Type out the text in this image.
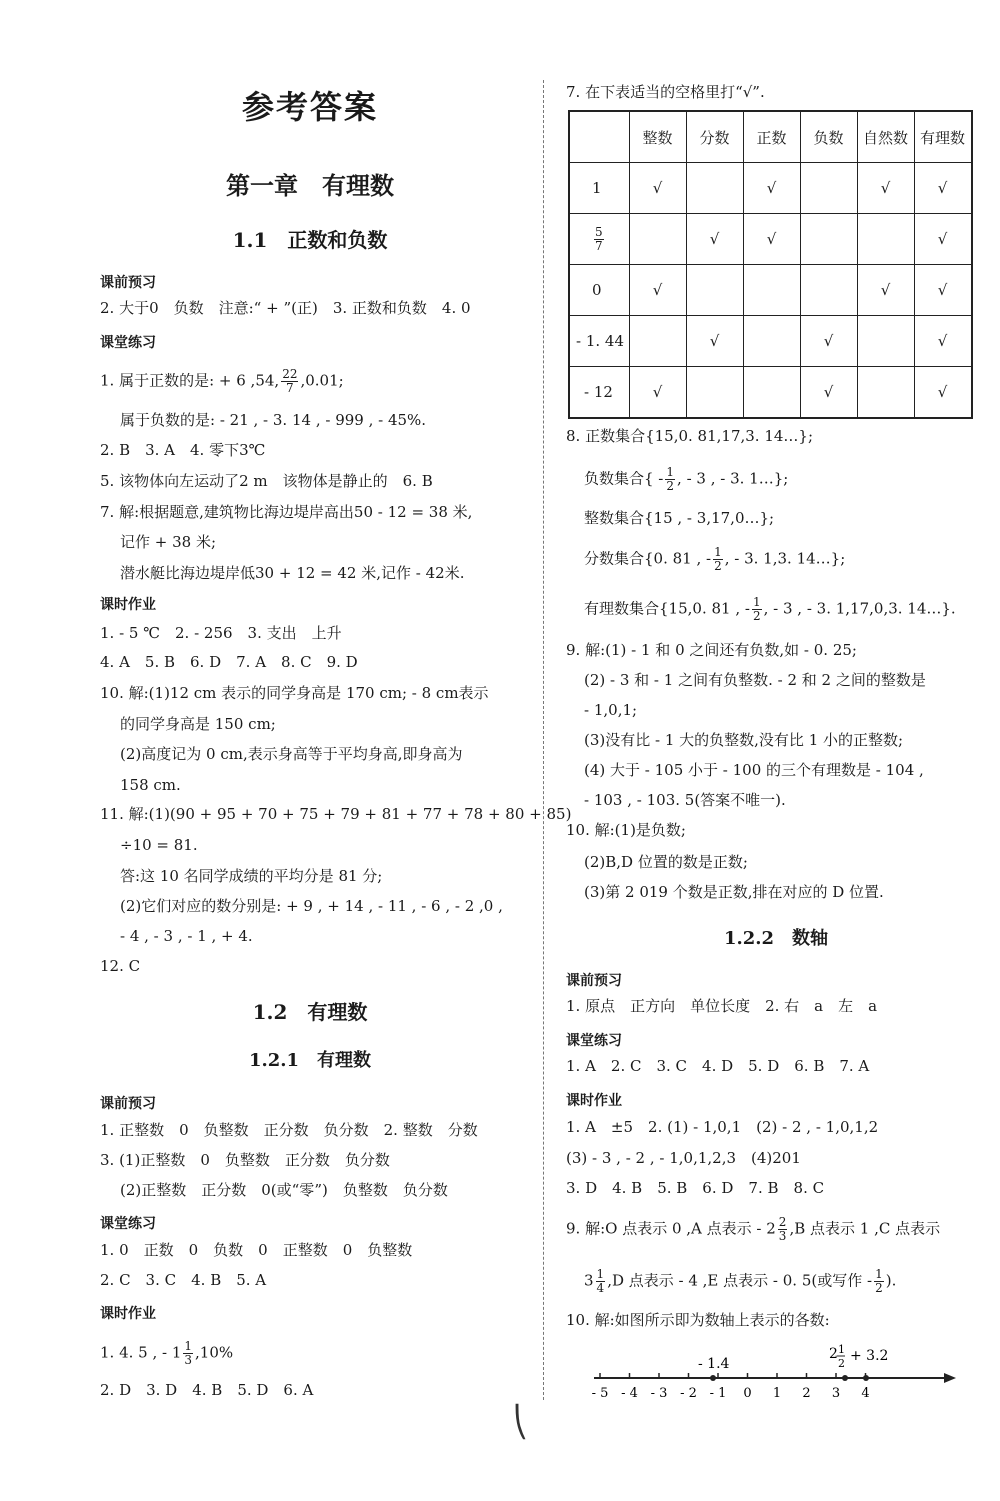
参考答案
第一章　有理数
1.1　正数和负数
课前预习
2. 大于0　负数　注意:“ + ”(正)　3. 正数和负数　4. 0
课堂练习
1. 属于正数的是: + 6 ,54, $\frac{22}{7} ,0.01$;
属于负数的是: - 21 , - 3. 14 , - 999 , - 45%.
2. B　3. A　4. 零下3℃
5. 该物体向左运动了2 m　该物体是静止的　6. B
7. 解:根据题意,建筑物比海边堤岸高出50 - 12 = 38 米,
记作 + 38 米;
潜水艇比海边堤岸低30 + 12 = 42 米,记作 - 42米.
课时作业
1. - 5 ℃　2. - 256　3. 支出　上升
4. A　5. B　6. D　7. A　8. C　9. D
10. 解:(1)12 cm 表示的同学身高是 170 cm; - 8 cm表示
的同学身高是 150 cm;
(2)高度记为 0 cm,表示身高等于平均身高,即身高为
158 cm.
11. 解:(1)(90 + 95 + 70 + 75 + 79 + 81 + 77 + 78 + 80 + 85)
÷10 = 81.
答:这 10 名同学成绩的平均分是 81 分;
(2)它们对应的数分别是: + 9 , + 14 , - 11 , - 6 , - 2 ,0 ,
- 4 , - 3 , - 1 , + 4.
12. C
1.2　有理数
1.2.1　有理数
课前预习
1. 正整数　0　负整数　正分数　负分数　2. 整数　分数
3. (1)正整数　0　负整数　正分数　负分数
(2)正整数　正分数　0(或“零”)　负整数　负分数
课堂练习
1. 0　正数　0　负数　0　正整数　0　负整数
2. C　3. C　4. B　5. A
课时作业
1. 4. 5 , - $1 \frac{1}{3} ,10\%$
2. D　3. D　4. B　5. D　6. A
7. 在下表适当的空格里打“√”.
	整数	分数	正数	负数	自然数	有理数
1	√		√		√	√

$\frac{5}{7}$		√	√			√
0	√				√	√
- 1. 44		√		√		√
- 12	√			√		√
8. 正数集合{15,0. 81,17,3. 14…};
负数集合{ - $\frac{1}{2}$ , - 3 , - 3. 1…};
整数集合{15 , - 3,17,0…};
分数集合{0. 81 , - $\frac{1}{2}$ , - 3. 1,3. 14…};
有理数集合{15,0. 81 , - $\frac{1}{2}$ , - 3 , - 3. 1,17,0,3. 14…}.
9. 解:(1) - 1 和 0 之间还有负数,如 - 0. 25;
(2) - 3 和 - 1 之间有负整数. - 2 和 2 之间的整数是
- 1,0,1;
(3)没有比 - 1 大的负整数,没有比 1 小的正整数;
(4) 大于 - 105 小于 - 100 的三个有理数是 - 104 ,
- 103 , - 103. 5(答案不唯一).
10. 解:(1)是负数;
(2)B,D 位置的数是正数;
(3)第 2 019 个数是正数,排在对应的 D 位置.
1.2.2　数轴
课前预习
1. 原点　正方向　单位长度　2. 右　a　左　a
课堂练习
1. A　2. C　3. C　4. D　5. D　6. B　7. A
课时作业
1. A　±5　2. (1) - 1,0,1　(2) - 2 , - 1,0,1,2
(3) - 3 , - 2 , - 1,0,1,2,3　(4)201
3. D　4. B　5. B　6. D　7. B　8. C
9. 解:O 点表示 0 ,A 点表示 - $2 \frac{2}{3} ,B$ 点表示 1 ,C 点表示
$3 \frac{1}{4} ,D$ 点表示 - 4 ,E 点表示 - 0. 5(或写作 - $\frac{1}{2}$ ).
10. 解:如图所示即为数轴上表示的各数:
- 5 - 4 - 3 - 2 - 1 0 1 2 3 4
- 1.4
2 1
2 + 3.2
⎝
